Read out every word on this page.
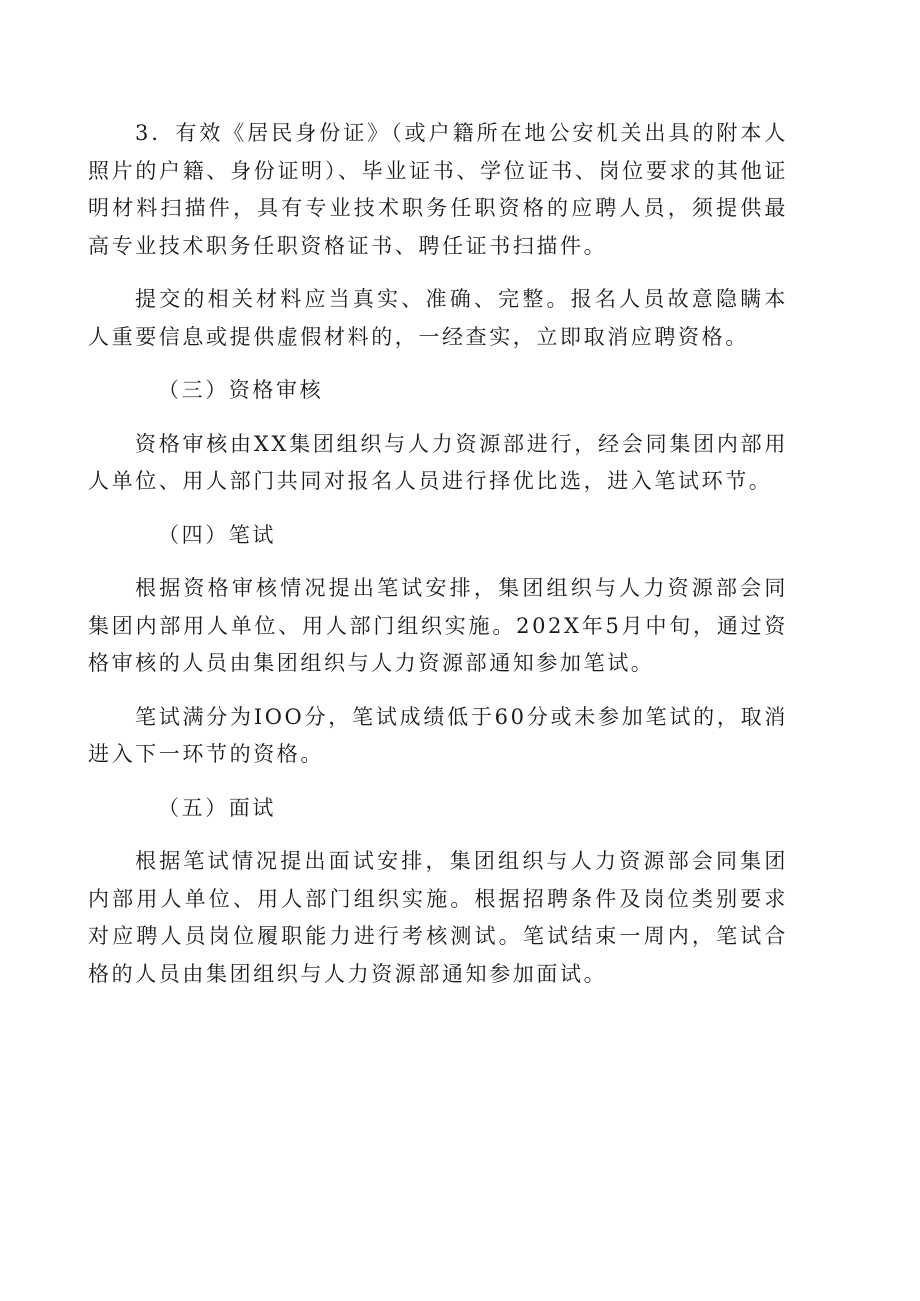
3．有效《居民身份证》（或户籍所在地公安机关出具的附本人照片的户籍、身份证明）、毕业证书、学位证书、岗位要求的其他证明材料扫描件，具有专业技术职务任职资格的应聘人员，须提供最高专业技术职务任职资格证书、聘任证书扫描件。

提交的相关材料应当真实、准确、完整。报名人员故意隐瞒本人重要信息或提供虚假材料的，一经查实，立即取消应聘资格。

（三）资格审核

资格审核由XX集团组织与人力资源部进行，经会同集团内部用人单位、用人部门共同对报名人员进行择优比选，进入笔试环节。

（四）笔试

根据资格审核情况提出笔试安排，集团组织与人力资源部会同集团内部用人单位、用人部门组织实施。202X年5月中旬，通过资格审核的人员由集团组织与人力资源部通知参加笔试。

笔试满分为IOO分，笔试成绩低于60分或未参加笔试的，取消进入下一环节的资格。

（五）面试

根据笔试情况提出面试安排，集团组织与人力资源部会同集团内部用人单位、用人部门组织实施。根据招聘条件及岗位类别要求对应聘人员岗位履职能力进行考核测试。笔试结束一周内，笔试合格的人员由集团组织与人力资源部通知参加面试。
